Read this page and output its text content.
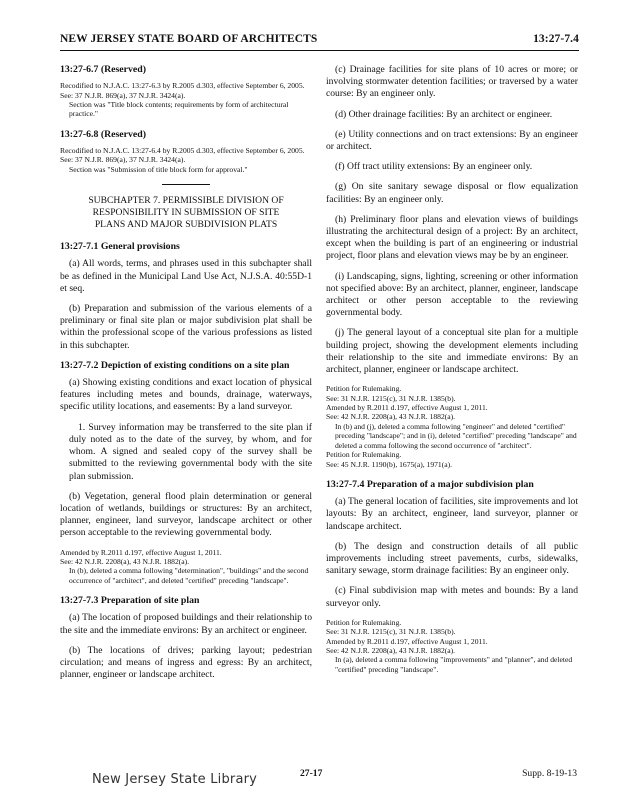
NEW JERSEY STATE BOARD OF ARCHITECTS	13:27-7.4
13:27-6.7 (Reserved)
Recodified to N.J.A.C. 13:27-6.3 by R.2005 d.303, effective September 6, 2005.
See: 37 N.J.R. 869(a), 37 N.J.R. 3424(a).
Section was "Title block contents; requirements by form of architectural practice."
13:27-6.8 (Reserved)
Recodified to N.J.A.C. 13:27-6.4 by R.2005 d.303, effective September 6, 2005.
See: 37 N.J.R. 869(a), 37 N.J.R. 3424(a).
Section was "Submission of title block form for approval."
SUBCHAPTER 7. PERMISSIBLE DIVISION OF
RESPONSIBILITY IN SUBMISSION OF SITE
PLANS AND MAJOR SUBDIVISION PLATS
13:27-7.1 General provisions
(a) All words, terms, and phrases used in this subchapter shall be as defined in the Municipal Land Use Act, N.J.S.A. 40:55D-1 et seq.
(b) Preparation and submission of the various elements of a preliminary or final site plan or major subdivision plat shall be within the professional scope of the various professions as listed in this subchapter.
13:27-7.2 Depiction of existing conditions on a site plan
(a) Showing existing conditions and exact location of physical features including metes and bounds, drainage, waterways, specific utility locations, and easements: By a land surveyor.
1. Survey information may be transferred to the site plan if duly noted as to the date of the survey, by whom, and for whom. A signed and sealed copy of the survey shall be submitted to the reviewing governmental body with the site plan submission.
(b) Vegetation, general flood plain determination or general location of wetlands, buildings or structures: By an architect, planner, engineer, land surveyor, landscape architect or other person acceptable to the reviewing governmental body.
Amended by R.2011 d.197, effective August 1, 2011.
See: 42 N.J.R. 2208(a), 43 N.J.R. 1882(a).
In (b), deleted a comma following "determination", "buildings" and the second occurrence of "architect", and deleted "certified" preceding "landscape".
13:27-7.3 Preparation of site plan
(a) The location of proposed buildings and their relationship to the site and the immediate environs: By an architect or engineer.
(b) The locations of drives; parking layout; pedestrian circulation; and means of ingress and egress: By an architect, planner, engineer or landscape architect.
(c) Drainage facilities for site plans of 10 acres or more; or involving stormwater detention facilities; or traversed by a water course: By an engineer only.
(d) Other drainage facilities: By an architect or engineer.
(e) Utility connections and on tract extensions: By an engineer or architect.
(f) Off tract utility extensions: By an engineer only.
(g) On site sanitary sewage disposal or flow equalization facilities: By an engineer only.
(h) Preliminary floor plans and elevation views of buildings illustrating the architectural design of a project: By an architect, except when the building is part of an engineering or industrial project, floor plans and elevation views may be by an engineer.
(i) Landscaping, signs, lighting, screening or other information not specified above: By an architect, planner, engineer, landscape architect or other person acceptable to the reviewing governmental body.
(j) The general layout of a conceptual site plan for a multiple building project, showing the development elements including their relationship to the site and immediate environs: By an architect, planner, engineer or landscape architect.
Petition for Rulemaking.
See: 31 N.J.R. 1215(c), 31 N.J.R. 1385(b).
Amended by R.2011 d.197, effective August 1, 2011.
See: 42 N.J.R. 2208(a), 43 N.J.R. 1882(a).
In (b) and (j), deleted a comma following "engineer" and deleted "certified" preceding "landscape"; and in (i), deleted "certified" preceding "landscape" and deleted a comma following the second occurrence of "architect".
Petition for Rulemaking.
See: 45 N.J.R. 1190(b), 1675(a), 1971(a).
13:27-7.4 Preparation of a major subdivision plan
(a) The general location of facilities, site improvements and lot layouts: By an architect, engineer, land surveyor, planner or landscape architect.
(b) The design and construction details of all public improvements including street pavements, curbs, sidewalks, sanitary sewage, storm drainage facilities: By an engineer only.
(c) Final subdivision map with metes and bounds: By a land surveyor only.
Petition for Rulemaking.
See: 31 N.J.R. 1215(c), 31 N.J.R. 1385(b).
Amended by R.2011 d.197, effective August 1, 2011.
See: 42 N.J.R. 2208(a), 43 N.J.R. 1882(a).
In (a), deleted a comma following "improvements" and "planner", and deleted "certified" preceding "landscape".
27-17	Supp. 8-19-13
New Jersey State Library
